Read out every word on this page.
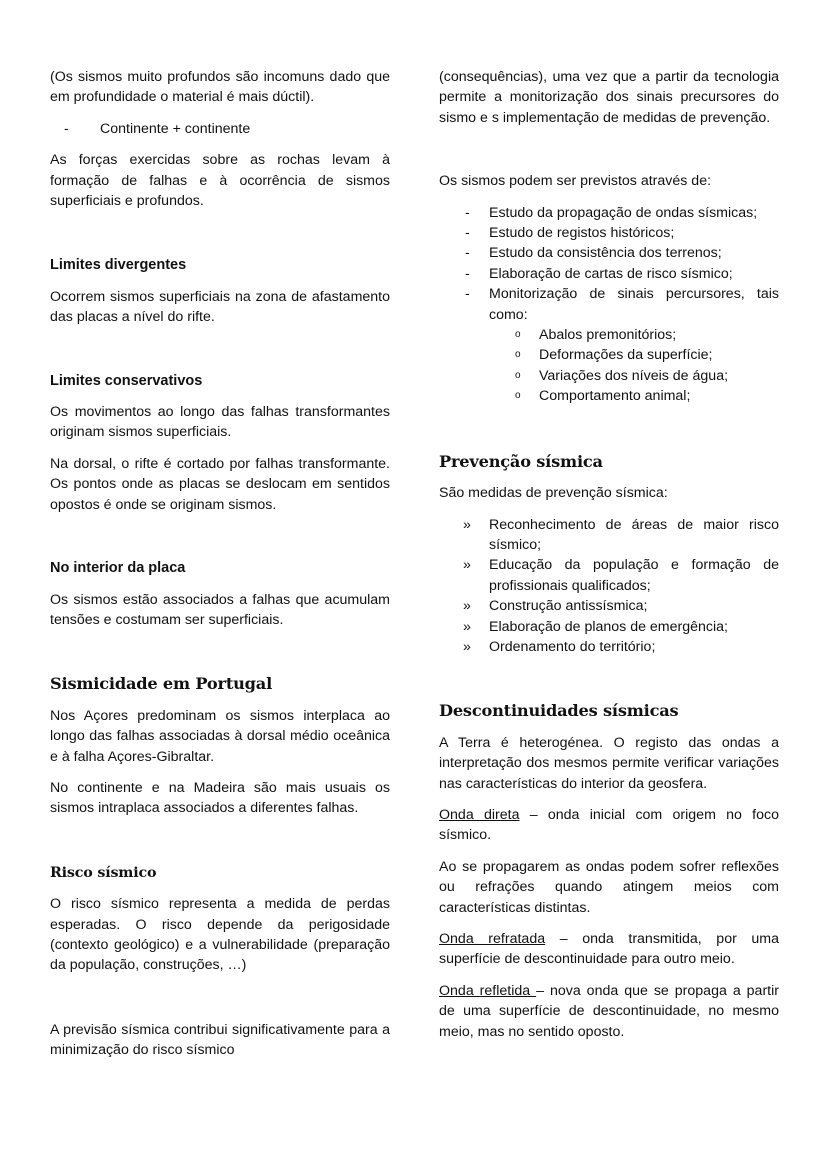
(Os sismos muito profundos são incomuns dado que em profundidade o material é mais dúctil).

- Continente + continente

As forças exercidas sobre as rochas levam à formação de falhas e à ocorrência de sismos superficiais e profundos.

Limites divergentes

Ocorrem sismos superficiais na zona de afastamento das placas a nível do rifte.

Limites conservativos

Os movimentos ao longo das falhas transformantes originam sismos superficiais.

Na dorsal, o rifte é cortado por falhas transformante. Os pontos onde as placas se deslocam em sentidos opostos é onde se originam sismos.

No interior da placa

Os sismos estão associados a falhas que acumulam tensões e costumam ser superficiais.

Sismicidade em Portugal

Nos Açores predominam os sismos interplaca ao longo das falhas associadas à dorsal médio oceânica e à falha Açores-Gibraltar.

No continente e na Madeira são mais usuais os sismos intraplaca associados a diferentes falhas.

Risco sísmico

O risco sísmico representa a medida de perdas esperadas. O risco depende da perigosidade (contexto geológico) e a vulnerabilidade (preparação da população, construções, …)

A previsão sísmica contribui significativamente para a minimização do risco sísmico

(consequências), uma vez que a partir da tecnologia permite a monitorização dos sinais precursores do sismo e s implementação de medidas de prevenção.

Os sismos podem ser previstos através de:

- Estudo da propagação de ondas sísmicas;
- Estudo de registos históricos;
- Estudo da consistência dos terrenos;
- Elaboração de cartas de risco sísmico;
- Monitorização de sinais percursores, tais como:
o Abalos premonitórios;
o Deformações da superfície;
o Variações dos níveis de água;
o Comportamento animal;
Prevenção sísmica

São medidas de prevenção sísmica:

» Reconhecimento de áreas de maior risco sísmico;
» Educação da população e formação de profissionais qualificados;
» Construção antissísmica;
» Elaboração de planos de emergência;
» Ordenamento do território;
Descontinuidades sísmicas

A Terra é heterogénea. O registo das ondas a interpretação dos mesmos permite verificar variações nas características do interior da geosfera.

Onda direta – onda inicial com origem no foco sísmico.

Ao se propagarem as ondas podem sofrer reflexões ou refrações quando atingem meios com características distintas.

Onda refratada – onda transmitida, por uma superfície de descontinuidade para outro meio.

Onda refletida – nova onda que se propaga a partir de uma superfície de descontinuidade, no mesmo meio, mas no sentido oposto.
